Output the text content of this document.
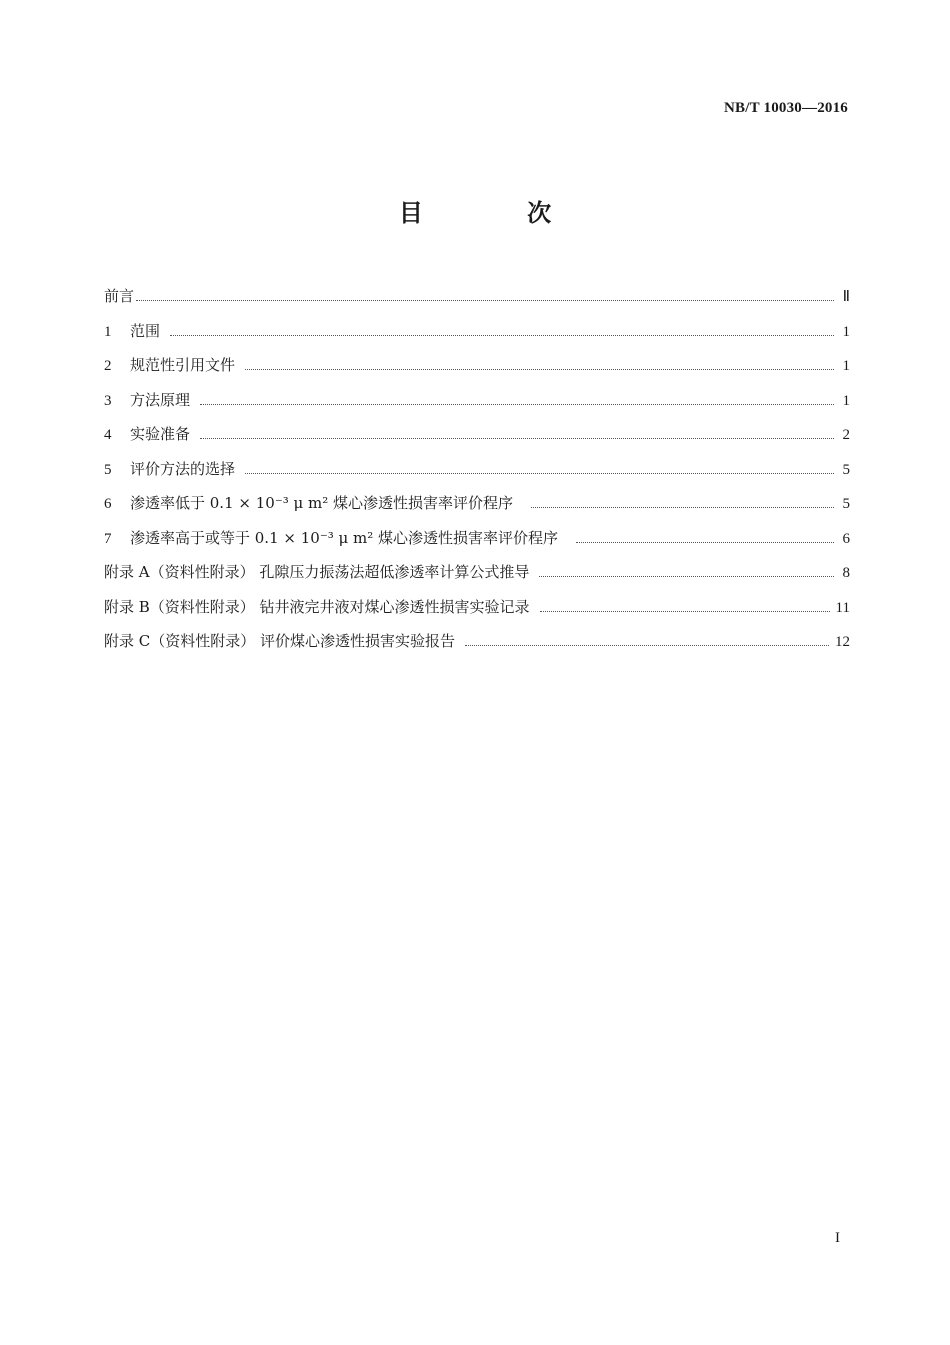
NB/T 10030—2016
目 次
前言	Ⅱ
1	范围	1
2	规范性引用文件	1
3	方法原理	1
4	实验准备	2
5	评价方法的选择	5
6	渗透率低于 0.1 × 10⁻³ μ m² 煤心渗透性损害率评价程序	5
7	渗透率高于或等于 0.1 × 10⁻³ μ m² 煤心渗透性损害率评价程序	6
附录 A（资料性附录） 孔隙压力振荡法超低渗透率计算公式推导	8
附录 B（资料性附录） 钻井液完井液对煤心渗透性损害实验记录	11
附录 C（资料性附录） 评价煤心渗透性损害实验报告	12
I
